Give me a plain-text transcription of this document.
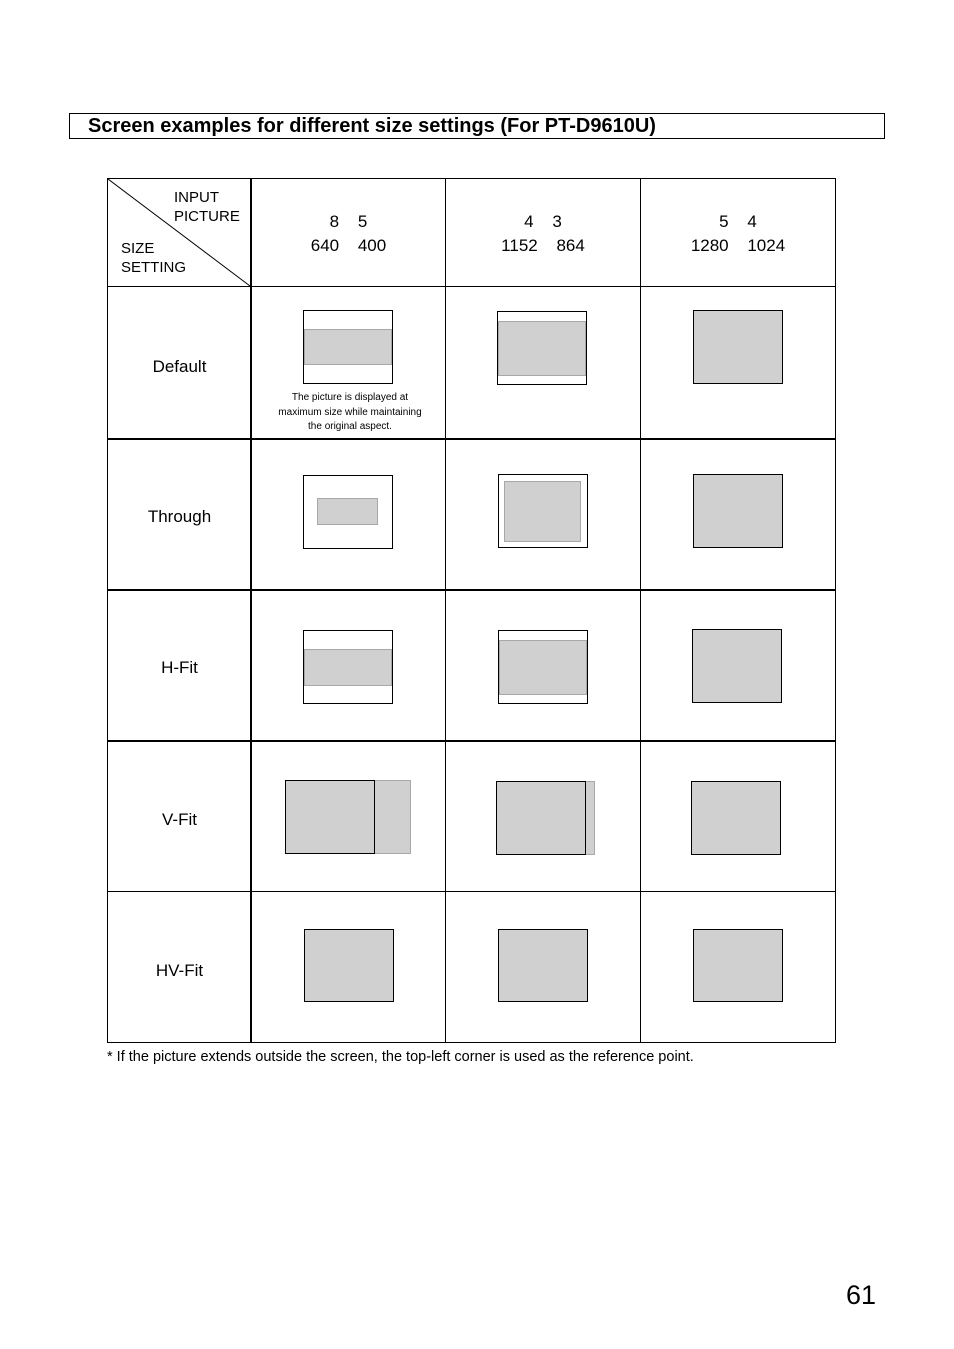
Screen examples for different size settings (For PT-D9610U)
INPUT
PICTURE
SIZE
SETTING
8 5
640 400
4 3
1152 864
5 4
1280 1024
Default
Through
H-Fit
V-Fit
HV-Fit
The picture is displayed at
maximum size while maintaining
the original aspect.
* If the picture extends outside the screen, the top-left corner is used as the reference point.
61
